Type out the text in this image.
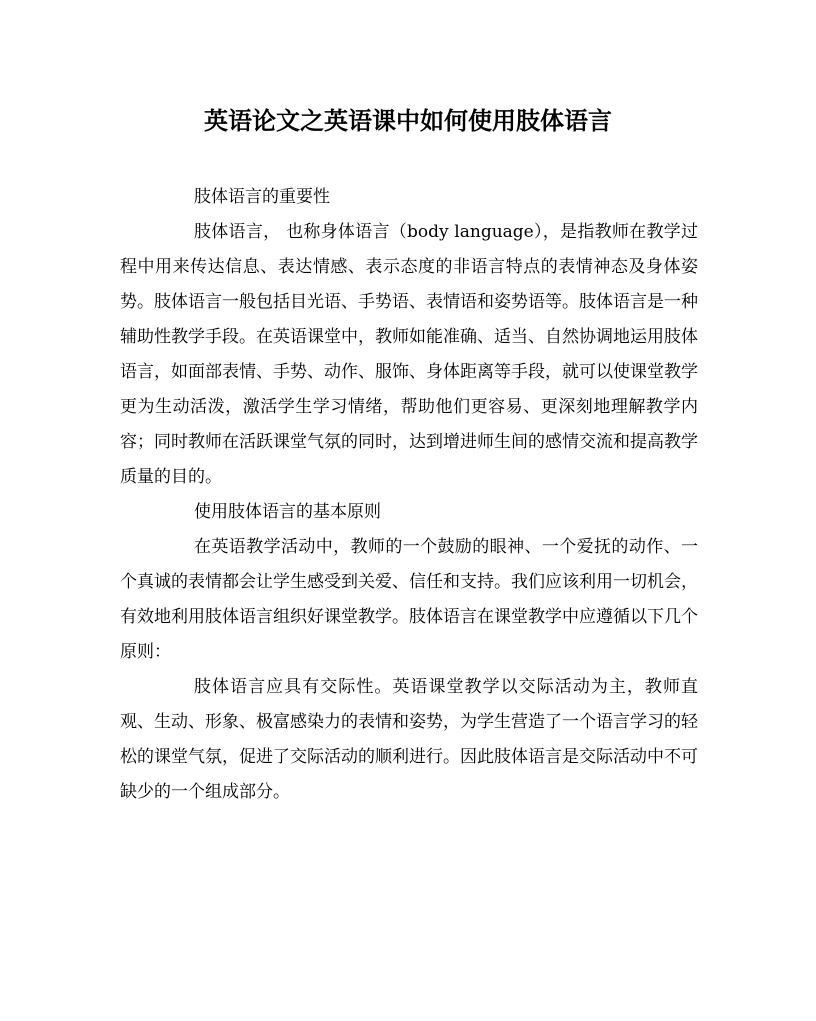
英语论文之英语课中如何使用肢体语言
肢体语言的重要性

肢体语言， 也称身体语言（body language），是指教师在教学过程中用来传达信息、表达情感、表示态度的非语言特点的表情神态及身体姿势。肢体语言一般包括目光语、手势语、表情语和姿势语等。肢体语言是一种辅助性教学手段。在英语课堂中，教师如能准确、适当、自然协调地运用肢体语言，如面部表情、手势、动作、服饰、身体距离等手段，就可以使课堂教学更为生动活泼，激活学生学习情绪，帮助他们更容易、更深刻地理解教学内容；同时教师在活跃课堂气氛的同时，达到增进师生间的感情交流和提高教学质量的目的。

使用肢体语言的基本原则

在英语教学活动中，教师的一个鼓励的眼神、一个爱抚的动作、一个真诚的表情都会让学生感受到关爱、信任和支持。我们应该利用一切机会，有效地利用肢体语言组织好课堂教学。肢体语言在课堂教学中应遵循以下几个原则：

肢体语言应具有交际性。英语课堂教学以交际活动为主，教师直观、生动、形象、极富感染力的表情和姿势，为学生营造了一个语言学习的轻松的课堂气氛，促进了交际活动的顺利进行。因此肢体语言是交际活动中不可缺少的一个组成部分。
